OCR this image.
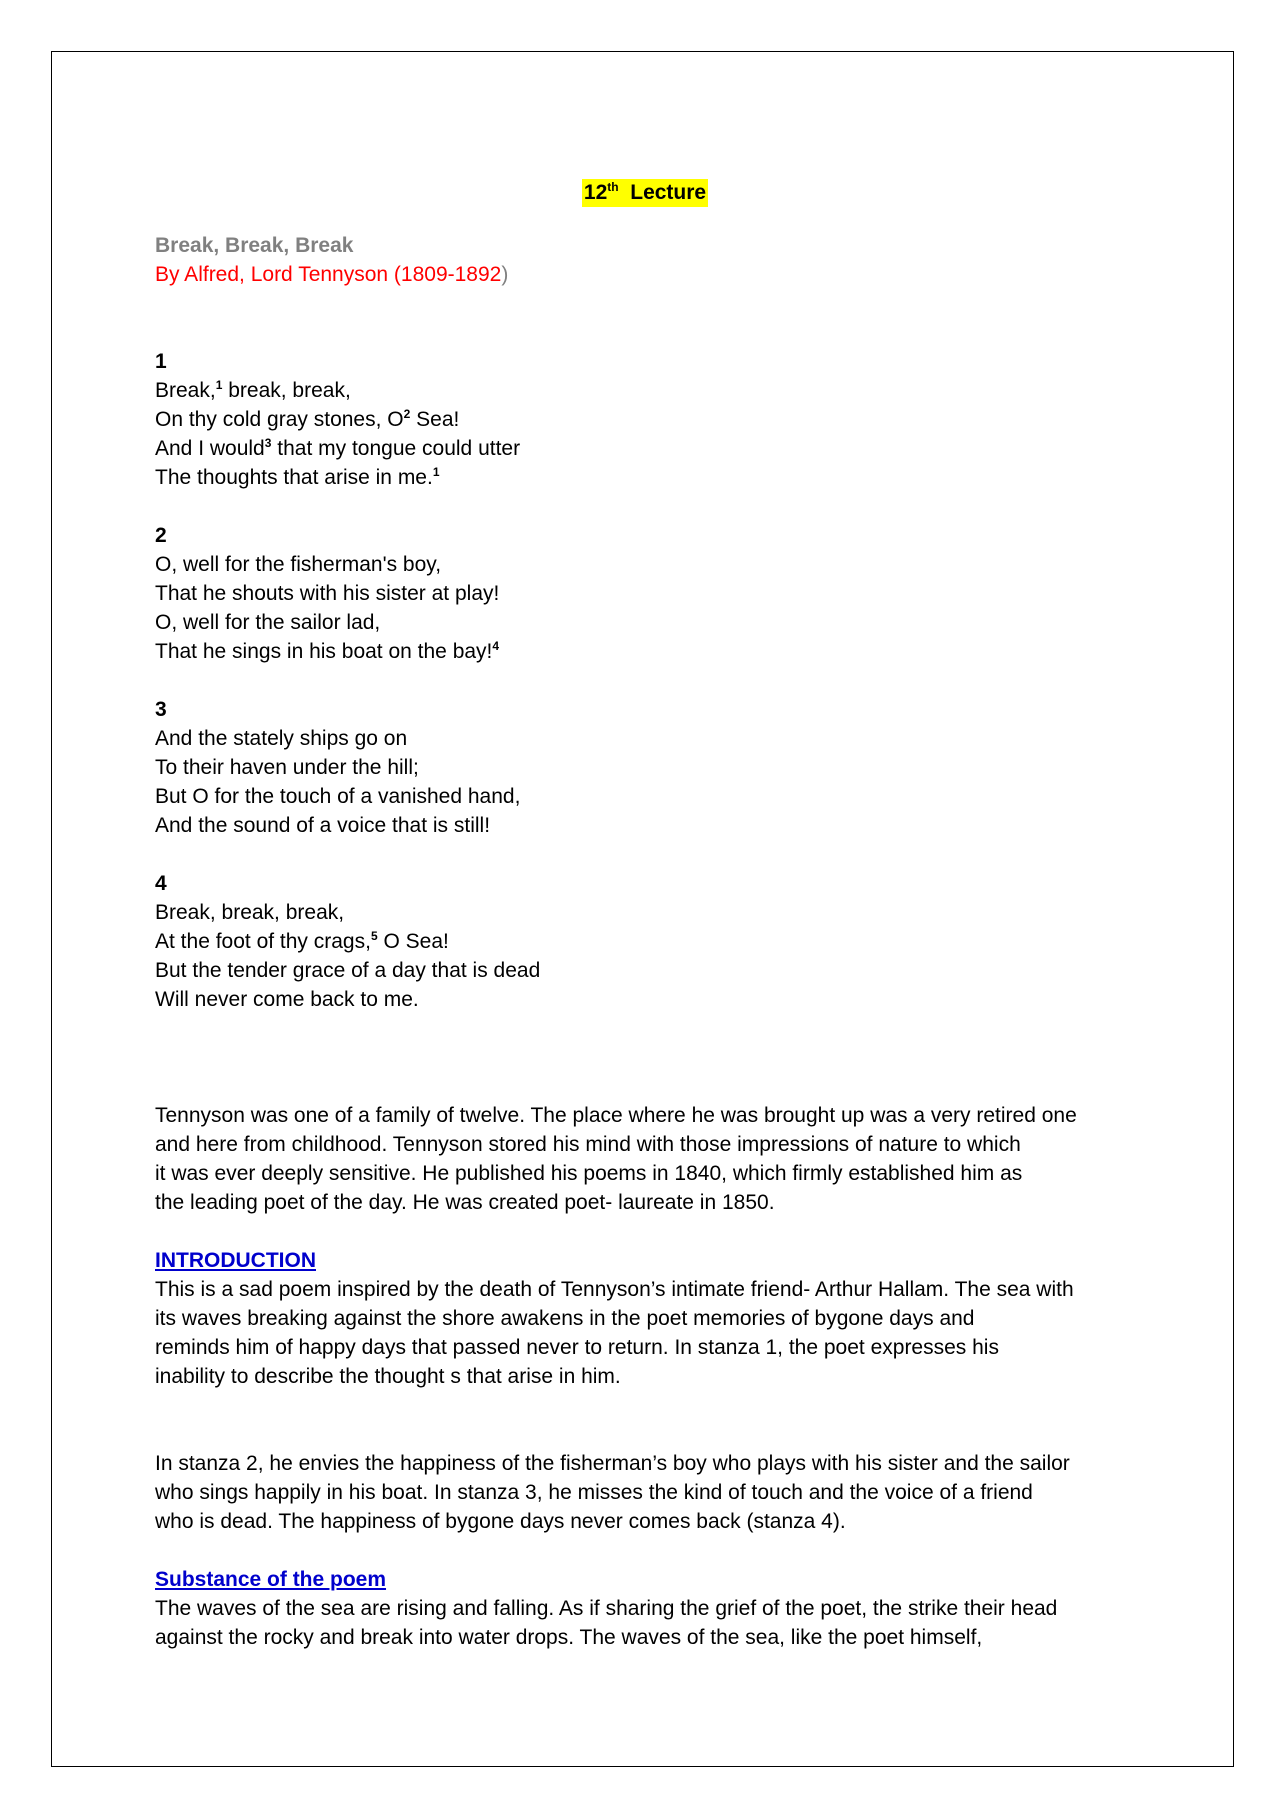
12th Lecture
Break, Break, Break
By Alfred, Lord Tennyson (1809-1892)
1
Break,$^1$ break, break,
On thy cold gray stones, $O^2$ Sea!
And I would$^3$ that my tongue could utter
The thoughts that arise in me.$^1$
2
O, well for the fisherman's boy,
That he shouts with his sister at play!
O, well for the sailor lad,
That he sings in his boat on the bay!$^4$
3
And the stately ships go on
To their haven under the hill;
But O for the touch of a vanished hand,
And the sound of a voice that is still!
4
Break, break, break,
At the foot of thy crags,$^5$ O Sea!
But the tender grace of a day that is dead
Will never come back to me.
Tennyson was one of a family of twelve. The place where he was brought up was a very retired one
and here from childhood. Tennyson stored his mind with those impressions of nature to which
it was ever deeply sensitive. He published his poems in 1840, which firmly established him as
the leading poet of the day. He was created poet- laureate in 1850.
INTRODUCTION
This is a sad poem inspired by the death of Tennyson’s intimate friend- Arthur Hallam. The sea with
its waves breaking against the shore awakens in the poet memories of bygone days and
reminds him of happy days that passed never to return. In stanza 1, the poet expresses his
inability to describe the thought s that arise in him.
In stanza 2, he envies the happiness of the fisherman’s boy who plays with his sister and the sailor
who sings happily in his boat. In stanza 3, he misses the kind of touch and the voice of a friend
who is dead. The happiness of bygone days never comes back (stanza 4).
Substance of the poem
The waves of the sea are rising and falling. As if sharing the grief of the poet, the strike their head
against the rocky and break into water drops. The waves of the sea, like the poet himself,
